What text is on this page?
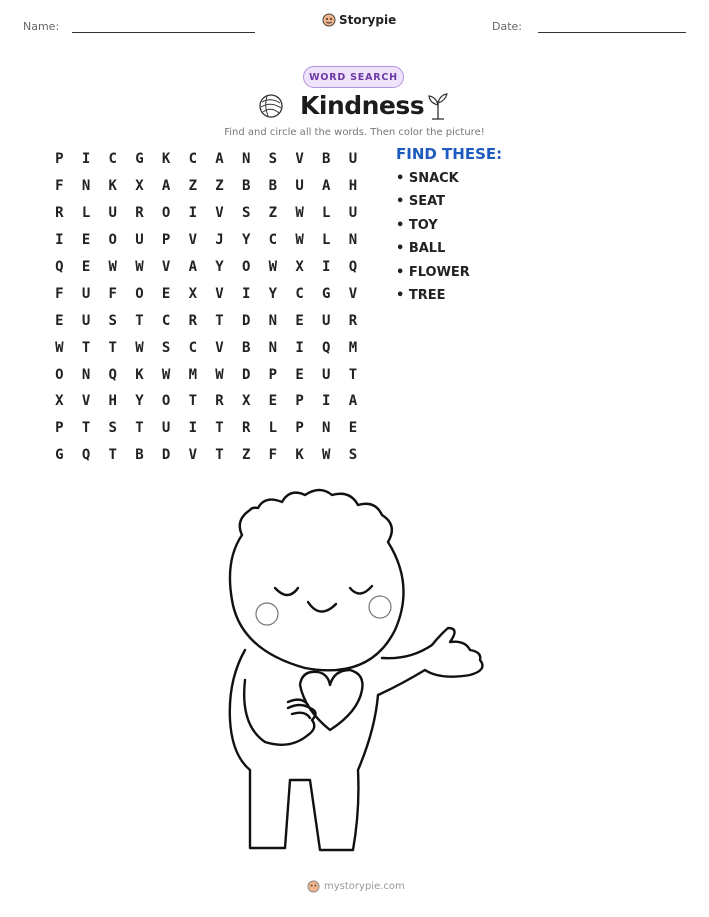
Name:	Storypie	Date:
WORD SEARCH
Kindness
Find and circle all the words. Then color the picture!
P	I	C	G	K	C	A	N	S	V	B	U
F	N	K	X	A	Z	Z	B	B	U	A	H
R	L	U	R	O	I	V	S	Z	W	L	U
I	E	O	U	P	V	J	Y	C	W	L	N
Q	E	W	W	V	A	Y	O	W	X	I	Q
F	U	F	O	E	X	V	I	Y	C	G	V
E	U	S	T	C	R	T	D	N	E	U	R
W	T	T	W	S	C	V	B	N	I	Q	M
O	N	Q	K	W	M	W	D	P	E	U	T
X	V	H	Y	O	T	R	X	E	P	I	A
P	T	S	T	U	I	T	R	L	P	N	E
G	Q	T	B	D	V	T	Z	F	K	W	S
FIND THESE:
• SNACK
• SEAT
• TOY
• BALL
• FLOWER
• TREE
mystorypie.com
